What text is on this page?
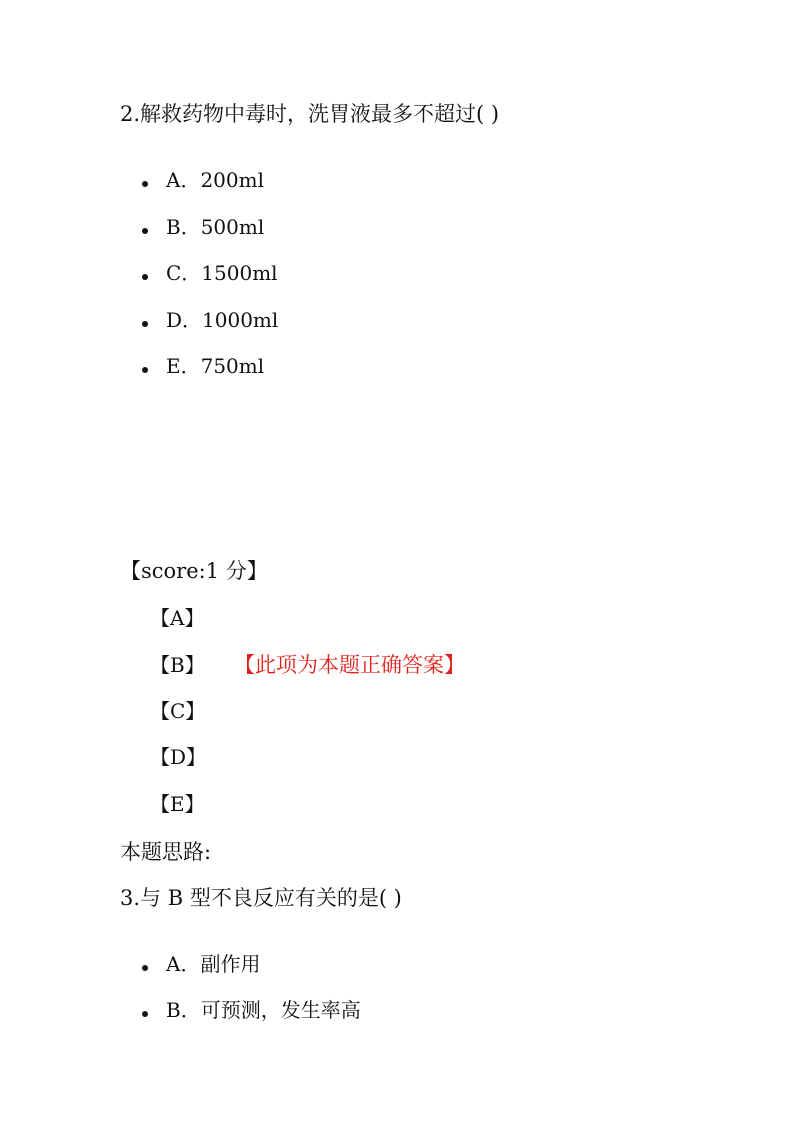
2.解救药物中毒时，洗胃液最多不超过( )
A．200ml
B．500ml
C．1500ml
D．1000ml
E．750ml
【score:1 分】
【A】
【B】 【此项为本题正确答案】
【C】
【D】
【E】
本题思路:
3.与 B 型不良反应有关的是( )
A．副作用
B．可预测，发生率高
